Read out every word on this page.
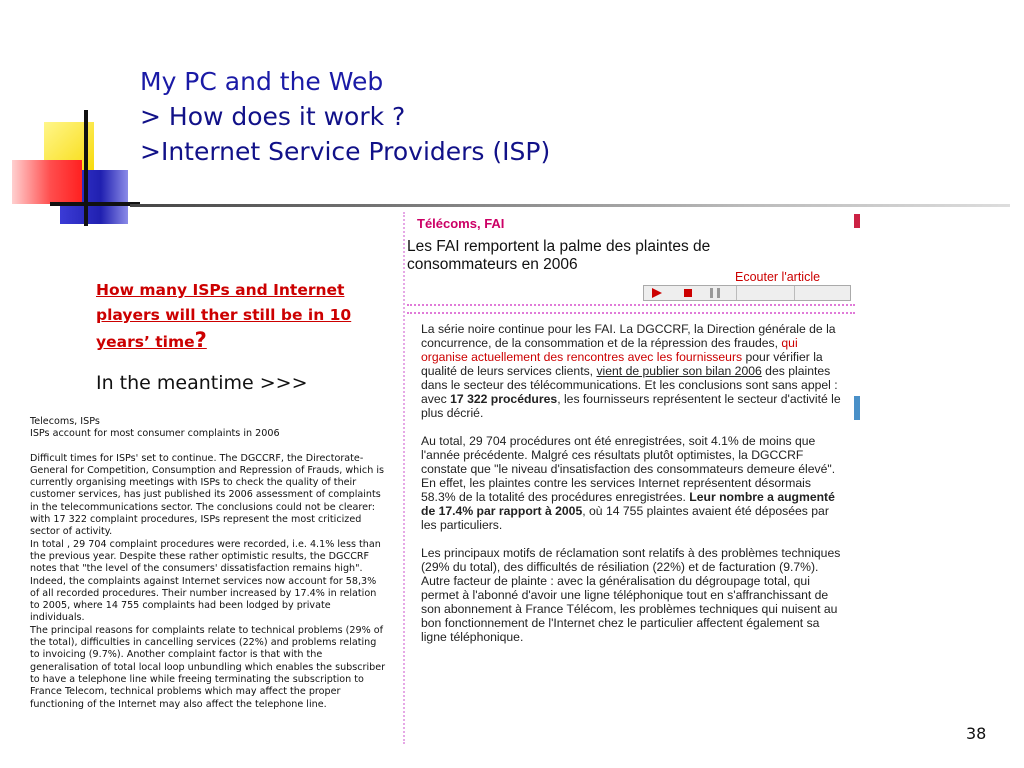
My PC and the Web
> How does it work ?
>Internet Service Providers (ISP)
How many ISPs and Internet players will ther still be in 10 years’ time?
In the meantime >>>

Telecoms, ISPs

ISPs account for most consumer complaints in 2006

Difficult times for ISPs' set to continue. The DGCCRF, the Directorate-General for Competition, Consumption and Repression of Frauds, which is currently organising meetings with ISPs to check the quality of their customer services, has just published its 2006 assessment of complaints in the telecommunications sector. The conclusions could not be clearer: with 17 322 complaint procedures, ISPs represent the most criticized sector of activity.

In total , 29 704 complaint procedures were recorded, i.e. 4.1% less than the previous year. Despite these rather optimistic results, the DGCCRF notes that "the level of the consumers' dissatisfaction remains high". Indeed, the complaints against Internet services now account for 58,3% of all recorded procedures. Their number increased by 17.4% in relation to 2005, where 14 755 complaints had been lodged by private individuals.

The principal reasons for complaints relate to technical problems (29% of the total), difficulties in cancelling services (22%) and problems relating to invoicing (9.7%). Another complaint factor is that with the generalisation of total local loop unbundling which enables the subscriber to have a telephone line while freeing terminating the subscription to France Telecom, technical problems which may affect the proper functioning of the Internet may also affect the telephone line.

Télécoms, FAI
Les FAI remportent la palme des plaintes de consommateurs en 2006
Ecouter l'article

La série noire continue pour les FAI. La DGCCRF, la Direction générale de la concurrence, de la consommation et de la répression des fraudes, qui organise actuellement des rencontres avec les fournisseurs pour vérifier la qualité de leurs services clients, vient de publier son bilan 2006 des plaintes dans le secteur des télécommunications. Et les conclusions sont sans appel : avec 17 322 procédures, les fournisseurs représentent le secteur d'activité le plus décrié.

Au total, 29 704 procédures ont été enregistrées, soit 4.1% de moins que l'année précédente. Malgré ces résultats plutôt optimistes, la DGCCRF constate que "le niveau d'insatisfaction des consommateurs demeure élevé". En effet, les plaintes contre les services Internet représentent désormais 58.3% de la totalité des procédures enregistrées. Leur nombre a augmenté de 17.4% par rapport à 2005, où 14 755 plaintes avaient été déposées par les particuliers.

Les principaux motifs de réclamation sont relatifs à des problèmes techniques (29% du total), des difficultés de résiliation (22%) et de facturation (9.7%). Autre facteur de plainte : avec la généralisation du dégroupage total, qui permet à l'abonné d'avoir une ligne téléphonique tout en s'affranchissant de son abonnement à France Télécom, les problèmes techniques qui nuisent au bon fonctionnement de l'Internet chez le particulier affectent également sa ligne téléphonique.

38
